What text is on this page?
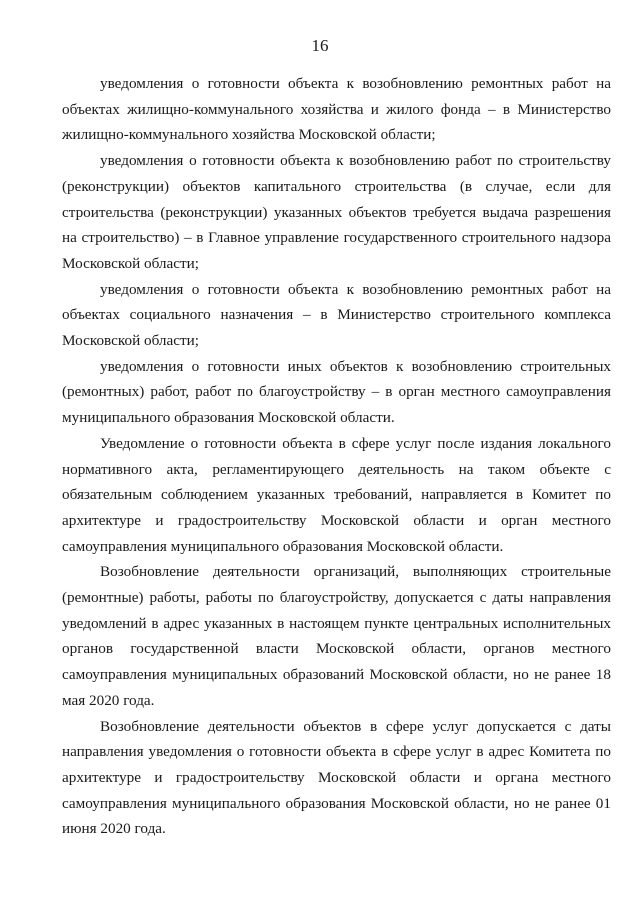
16

уведомления о готовности объекта к возобновлению ремонтных работ на объектах жилищно-коммунального хозяйства и жилого фонда – в Министерство жилищно-коммунального хозяйства Московской области;

уведомления о готовности объекта к возобновлению работ по строительству (реконструкции) объектов капитального строительства (в случае, если для строительства (реконструкции) указанных объектов требуется выдача разрешения на строительство) – в Главное управление государственного строительного надзора Московской области;

уведомления о готовности объекта к возобновлению ремонтных работ на объектах социального назначения – в Министерство строительного комплекса Московской области;

уведомления о готовности иных объектов к возобновлению строительных (ремонтных) работ, работ по благоустройству – в орган местного самоуправления муниципального образования Московской области.

Уведомление о готовности объекта в сфере услуг после издания локального нормативного акта, регламентирующего деятельность на таком объекте с обязательным соблюдением указанных требований, направляется в Комитет по архитектуре и градостроительству Московской области и орган местного самоуправления муниципального образования Московской области.

Возобновление деятельности организаций, выполняющих строительные (ремонтные) работы, работы по благоустройству, допускается с даты направления уведомлений в адрес указанных в настоящем пункте центральных исполнительных органов государственной власти Московской области, органов местного самоуправления муниципальных образований Московской области, но не ранее 18 мая 2020 года.

Возобновление деятельности объектов в сфере услуг допускается с даты направления уведомления о готовности объекта в сфере услуг в адрес Комитета по архитектуре и градостроительству Московской области и органа местного самоуправления муниципального образования Московской области, но не ранее 01 июня 2020 года.
